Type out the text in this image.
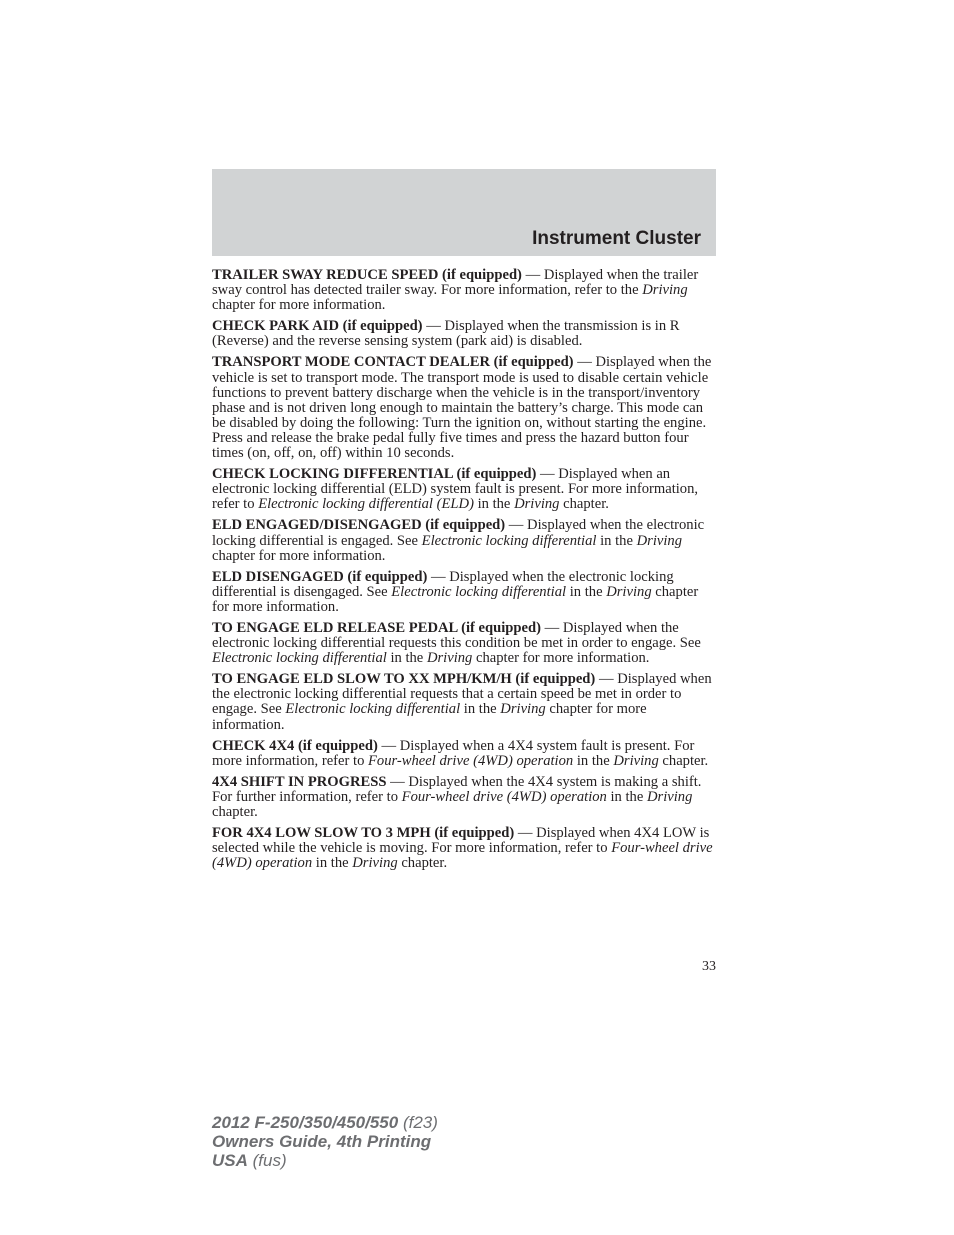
Instrument Cluster

TRAILER SWAY REDUCE SPEED (if equipped) — Displayed when the trailer sway control has detected trailer sway. For more information, refer to the Driving chapter for more information.

CHECK PARK AID (if equipped) — Displayed when the transmission is in R (Reverse) and the reverse sensing system (park aid) is disabled.

TRANSPORT MODE CONTACT DEALER (if equipped) — Displayed when the vehicle is set to transport mode. The transport mode is used to disable certain vehicle functions to prevent battery discharge when the vehicle is in the transport/inventory phase and is not driven long enough to maintain the battery’s charge. This mode can be disabled by doing the following: Turn the ignition on, without starting the engine. Press and release the brake pedal fully five times and press the hazard button four times (on, off, on, off) within 10 seconds.

CHECK LOCKING DIFFERENTIAL (if equipped) — Displayed when an electronic locking differential (ELD) system fault is present. For more information, refer to Electronic locking differential (ELD) in the Driving chapter.

ELD ENGAGED/DISENGAGED (if equipped) — Displayed when the electronic locking differential is engaged. See Electronic locking differential in the Driving chapter for more information.

ELD DISENGAGED (if equipped) — Displayed when the electronic locking differential is disengaged. See Electronic locking differential in the Driving chapter for more information.

TO ENGAGE ELD RELEASE PEDAL (if equipped) — Displayed when the electronic locking differential requests this condition be met in order to engage. See Electronic locking differential in the Driving chapter for more information.

TO ENGAGE ELD SLOW TO XX MPH/KM/H (if equipped) — Displayed when the electronic locking differential requests that a certain speed be met in order to engage. See Electronic locking differential in the Driving chapter for more information.

CHECK 4X4 (if equipped) — Displayed when a 4X4 system fault is present. For more information, refer to Four-wheel drive (4WD) operation in the Driving chapter.

4X4 SHIFT IN PROGRESS — Displayed when the 4X4 system is making a shift. For further information, refer to Four-wheel drive (4WD) operation in the Driving chapter.

FOR 4X4 LOW SLOW TO 3 MPH (if equipped) — Displayed when 4X4 LOW is selected while the vehicle is moving. For more information, refer to Four-wheel drive (4WD) operation in the Driving chapter.

33
2012 F-250/350/450/550 (f23)
Owners Guide, 4th Printing
USA (fus)
